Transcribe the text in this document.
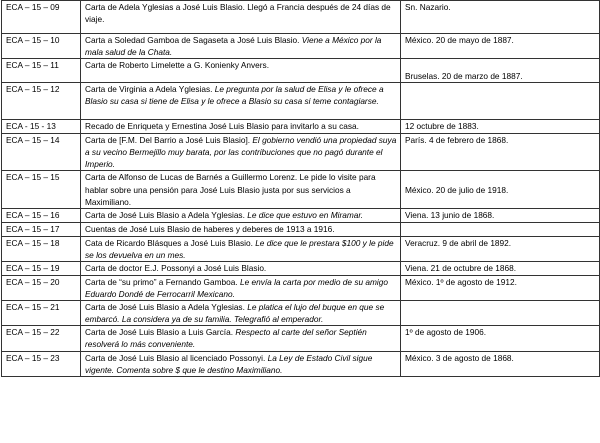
ECA – 15 – 09	Carta de Adela Yglesias a José Luis Blasio. Llegó a Francia después de 24 días de viaje.	Sn. Nazario.
ECA – 15 – 10	Carta a Soledad Gamboa de Sagaseta a José Luis Blasio. Viene a México por la mala salud de la Chata.	México. 20 de mayo de 1887.
ECA – 15 – 11	Carta de Roberto Limelette a G. Konienky Anvers.	Bruselas. 20 de marzo de 1887.
ECA – 15 – 12	Carta de Virginia a Adela Yglesias. Le pregunta por la salud de Elisa y le ofrece a Blasio su casa si tiene de Elisa y le ofrece a Blasio su casa si teme contagiarse.	
ECA - 15 - 13	Recado de Enriqueta y Ernestina José Luis Blasio para invitarlo a su casa.	12 octubre de 1883.
ECA – 15 – 14	Carta de [F.M. Del Barrio a José Luis Blasio]. El gobierno vendió una propiedad suya a su vecino Bermejillo muy barata, por las contribuciones que no pagó durante el Imperio.	París. 4 de febrero de 1868.
ECA – 15 – 15	Carta de Alfonso de Lucas de Barnés a Guillermo Lorenz. Le pide lo visite para hablar sobre una pensión para José Luis Blasio justa por sus servicios a Maximiliano.	México. 20 de julio de 1918.
ECA – 15 – 16	Carta de José Luis Blasio a Adela Yglesias. Le dice que estuvo en Miramar.	Viena. 13 junio de 1868.
ECA – 15 – 17	Cuentas de José Luis Blasio de haberes y deberes de 1913 a 1916.	
ECA – 15 – 18	Cata de Ricardo Blásques a José Luis Blasio. Le dice que le prestara $100 y le pide se los devuelva en un mes.	Veracruz. 9 de abril de 1892.
ECA – 15 – 19	Carta de doctor E.J. Possonyi a José Luis Blasio.	Viena. 21 de octubre de 1868.
ECA – 15 – 20	Carta de “su primo” a Fernando Gamboa. Le envía la carta por medio de su amigo Eduardo Dondé de Ferrocarril Mexicano.	México. 1º de agosto de 1912.
ECA – 15 – 21	Carta de José Luis Blasio a Adela Yglesias. Le platica el lujo del buque en que se embarcó. La considera ya de su familia. Telegrafió al emperador.	
ECA – 15 – 22	Carta de José Luis Blasio a Luis García. Respecto al carte del señor Septién resolverá lo más conveniente.	1º de agosto de 1906.
ECA – 15 – 23	Carta de José Luis Blasio al licenciado Possonyi. La Ley de Estado Civil sigue vigente. Comenta sobre $ que le destino Maximiliano.	México. 3 de agosto de 1868.
